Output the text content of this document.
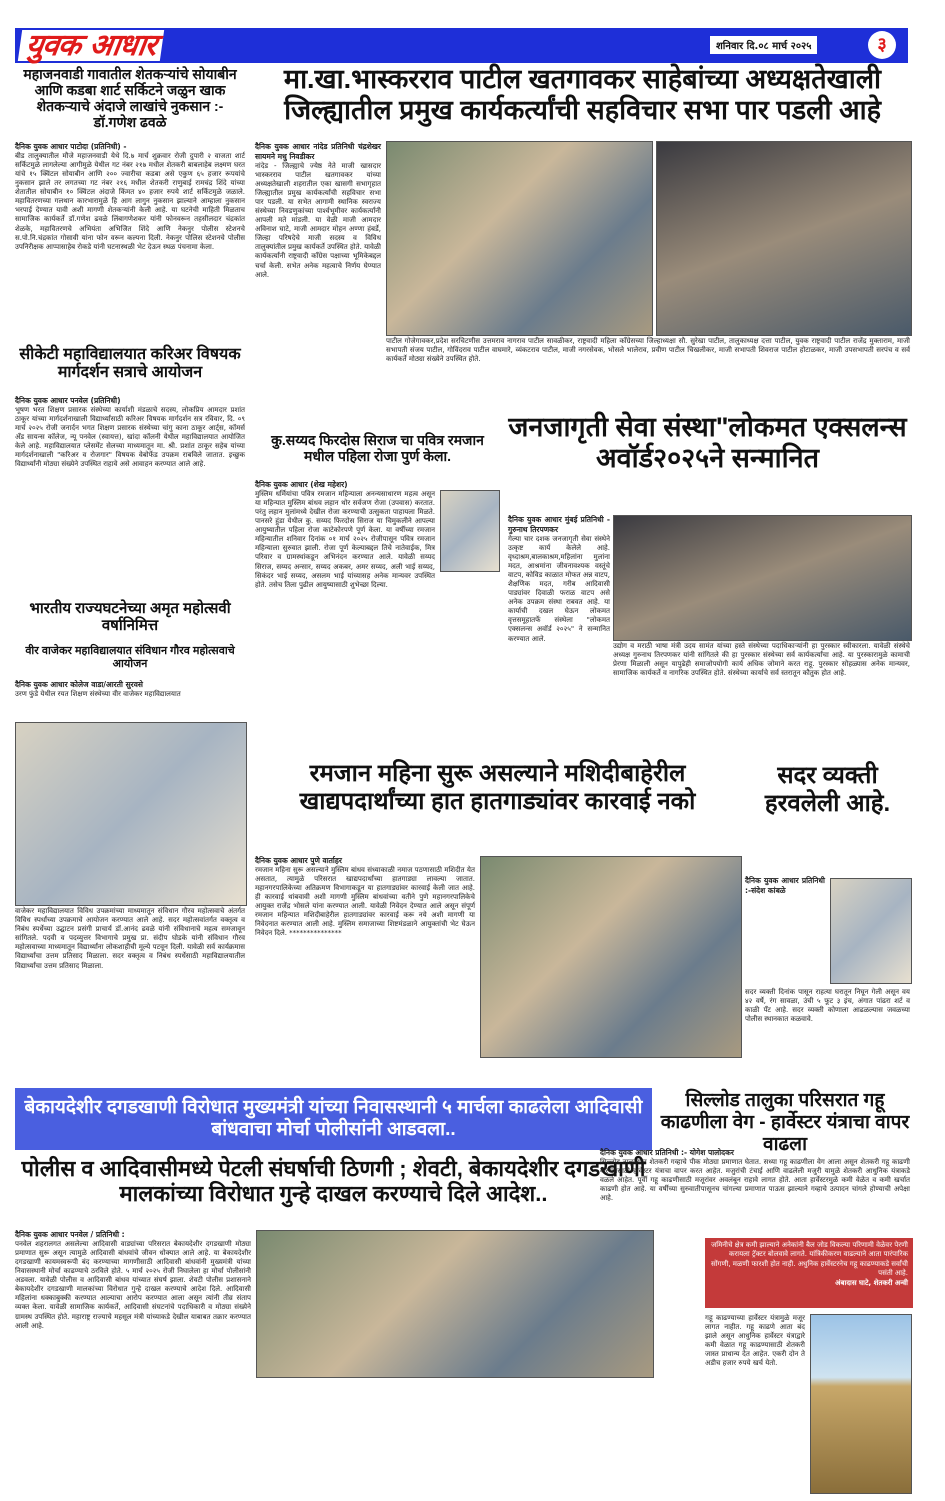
युवक आधार	शनिवार दि.०८ मार्च २०२५	३
महाजनवाडी गावातील शेतकऱ्यांचे सोयाबीन आणि कडबा शार्ट सर्किटने जळुन खाक शेतकऱ्याचे अंदाजे लाखांचे नुकसान :- डॉ.गणेश ढवळे
दैनिक युवक आधार पाटोदा (प्रतिनिधी) -
बीड तालुक्यातील मौजे महाजनवाडी येथे दि.७ मार्च शुक्रवार रोजी दुपारी २ वाजता शार्ट सर्किटमुळे लागलेल्या आगीमुळे येथील गट नंबर २१७ मधील शेतकरी बाबलाहेब लक्ष्मण घरत यांचे १५ क्विंटल सोयाबीन आणि २०० ज्वारीचा कडबा असे एकुण ६५ हजार रूपयांचे नुकसान झाले तर लगतच्या गट नंबर २१६ मधील शेतकरी राणुबाई रामचंद्र शिंदे यांच्या शेतातील सोयाबीन १० क्विंटल अंदाजे किंमत ४० हजार रुपये शार्ट सर्किटमुळे जळाले. महावितरणच्या गलथान कारभारामुळे हि आग लागुन नुकसान झाल्याने आम्हाला नुकसान भरपाई देण्यात यावी अशी मागणी शेतकऱ्यांनी केली आहे. या घटनेची माहिती मिळताच सामाजिक कार्यकर्ते डॉ.गणेश ढवळे लिंबागणेशकर यांनी फोनवरून तहसीलदार चंद्रकांत शेळके, महावितरणचे अभियंता अभिजित शिंदे आणि नेकनुर पोलीस स्टेशनचे स.पो.नि.चंद्रकांत गोसावी यांना फोन वरून कल्पना दिली. नेकनुर पोलिस स्टेशनचे पोलीस उपनिरीक्षक आप्पासाहेब रोकडे यांनी घटनास्थळी भेट देऊन स्थळ पंचनामा केला.
सीकेटी महाविद्यालयात करिअर विषयक मार्गदर्शन सत्राचे आयोजन
दैनिक युवक आधार पनवेल (प्रतिनिधी)
भूषण भरत शिक्षण प्रसारक संस्थेच्या कार्याशी मंडळाचे सदस्य, लोकप्रिय आमदार प्रशांत ठाकूर यांच्या मार्गदर्शनाखाली विद्यार्थ्यांसाठी करिअर विषयक मार्गदर्शन सत्र रविवार, दि. ०९ मार्च २०२५ रोजी जनार्दन भगत शिक्षण प्रसारक संस्थेच्या चांगु काना ठाकूर आर्ट्स, कॉमर्स अँड सायन्स कॉलेज, न्यू पनवेल (स्वायत्त), खांदा कॉलनी येथील महाविद्यालयात आयोजित केले आहे. महाविद्यालयात प्लेसमेंट सेलच्या माध्यमातून मा. श्री. प्रशांत ठाकूर सहेब यांच्या मार्गदर्शनाखाली "करिअर व रोजगार" विषयक वेबोर्फेड उपक्रम राबविले जातात. इच्छुक विद्यार्थ्यांनी मोठ्या संख्येने उपस्थित राहावे असे आवाहन करण्यात आले आहे.
भारतीय राज्यघटनेच्या अमृत महोत्सवी वर्षानिमित्त
वीर वाजेकर महाविद्यालयात संविधान गौरव महोत्सवाचे आयोजन
दैनिक युवक आधार कोलेज वाडा/आरती सुरवसे
उरण फुंडे येथील रयत शिक्षण संस्थेच्या वीर वाजेकर महाविद्यालयात
वाजेकर महाविद्यालयात विविध उपक्रमांच्या माध्यमातून संविधान गौरव महोत्सवाचे अंतर्गत विविध स्पर्धांच्या उपक्रमाचे आयोजन करण्यात आले आहे. सदर महोत्सवांतर्गत वक्तृत्व व निबंध स्पर्धेच्या उद्घाटन प्रसंगी प्राचार्य डॉ.आनंद ढवळे यांनी संविधानाचे महत्व समजावून सांगितले. पदवी व पदव्युत्तर विभागाचे प्रमुख प्रा. संदीप घोडके यांनी संविधान गौरव महोत्सवाच्या माध्यमातून विद्यार्थ्यांना लोकशाहीची मूल्ये पटवून दिली. यावेळी सर्व कार्यक्रमास विद्यार्थ्यांचा उत्तम प्रतिसाद मिळाला. सदर वक्तृत्व व निबंध स्पर्धेसाठी महाविद्यालयातील विद्यार्थ्यांचा उत्तम प्रतिसाद मिळाला.
मा.खा.भास्करराव पाटील खतगावकर साहेबांच्या अध्यक्षतेखाली जिल्ह्यातील प्रमुख कार्यकर्त्यांची सहविचार सभा पार पडली आहे
दैनिक युवक आधार नांदेड प्रतिनिधी चंद्रशेखर सायमने मधु निवडीकर
नांदेड - जिल्ह्याचे ज्येष्ठ नेते माजी खासदार भास्करराव पाटील खतगावकर यांच्या अध्यक्षतेखाली शहरातील एका खासगी सभागृहात जिल्ह्यातील प्रमुख कार्यकर्त्यांची सहविचार सभा पार पडली. या सभेत आगामी स्थानिक स्वराज्य संस्थेच्या निवडणुकांच्या पार्श्वभूमीवर कार्यकर्त्यांनी आपली मते मांडली. या वेळी माजी आमदार अविनाश घाटे, माजी आमदार मोहन अण्णा हंबर्डे, जिल्हा परिषदेचे माजी सदस्य व विविध तालुक्यांतील प्रमुख कार्यकर्ते उपस्थित होते. यावेळी कार्यकर्त्यांनी राष्ट्रवादी काँग्रेस पक्षाच्या भूमिकेबद्दल चर्चा केली. सभेत अनेक महत्वाचे निर्णय घेण्यात आले.
पाटील गोजेगावकर,प्रदेश सरचिटणीस उत्तमराव नागराव पाटील सावळीकर, राष्ट्रवादी महिला काँग्रेसच्या जिल्हाध्यक्षा सौ. सुरेखा पाटील, तालुकाध्यक्ष दत्ता पाटील, युवक राष्ट्रवादी पाटील राजेंद्र मुक्ताराम, माजी सभापती संजय पाटील, गोविंदराव पाटील वाघमारे, व्यंकटराव पाटील, माजी नगरसेवक, भोसले भालेराव, प्रवीण पाटील चिखलीकर, माजी सभापती शिवराज पाटील होटाळकर, माजी उपसभापती सरपंच व सर्व कार्यकर्ते मोठ्या संख्येने उपस्थित होते.
कु.सय्यद फिरदोस सिराज चा पवित्र रमजान मधील पहिला रोजा पुर्ण केला.
दैनिक युवक आधार (शेख महेशर)
मुस्लिम धर्मियांचा पवित्र रमजान महिन्याला अनन्यसाधारण महत्व असून या महिन्यात मुस्लिम बांधव लहान थोर सर्वजण रोजा (उपवास) करतात. परंतु लहान मुलांमध्ये देखील रोजा करण्याची उत्सुकता पाहायला मिळते. पानसरे हुंडा येथील कु. सय्यद फिरदोस सिराज या चिमुकलीने आपल्या आयुष्यातील पहिला रोजा काटेकोरपणे पूर्ण केला. या वर्षीच्या रमजान महिन्यातील शनिवार दिनांक ०१ मार्च २०२५ रोजीपासून पवित्र रमजान महिन्याला सुरुवात झाली. रोजा पूर्ण केल्याबद्दल तिचे नातेवाईक, मित्र परिवार व ग्रामस्थांकडून अभिनंदन करण्यात आले. यावेळी सय्यद सिराज, सय्यद अन्सार, सय्यद अकबर, अमर सय्यद, अली भाई सय्यद, सिकंदर भाई सय्यद, असलम भाई यांच्यासह अनेक मान्यवर उपस्थित होते. तसेच तिला पुढील आयुष्यासाठी शुभेच्छा दिल्या.
जनजागृती सेवा संस्था"लोकमत एक्सलन्स अवॉर्ड२०२५ने सन्मानित
दैनिक युवक आधार मुंबई प्रतिनिधी - गुरुनाथ तिरपणकर
गेल्या चार दशक जनजागृती सेवा संस्थेने उत्कृष्ट कार्य केलेले आहे. वृध्दाश्रम,बालकाश्रम,महिलांना मुलांना मदत, आश्रमांना जीवनावश्यक वस्तूंचे वाटप, कोविड काळात मोफत अन्न वाटप, शैक्षणिक मदत, गरीब आदिवासी पाड्यांवर दिवाळी फराळ वाटप असे अनेक उपक्रम संस्था राबवत आहे. या कार्याची दखल घेऊन लोकमत वृत्तसमूहातर्फे संस्थेला "लोकमत एक्सलन्स अवॉर्ड २०२५" ने सन्मानित करण्यात आले.
उद्योग व मराठी भाषा मंत्री उदय सामंत यांच्या हस्ते संस्थेच्या पदाधिकाऱ्यांनी हा पुरस्कार स्वीकारला. यावेळी संस्थेचे अध्यक्ष गुरुनाथ तिरपणकर यांनी सांगितले की हा पुरस्कार संस्थेच्या सर्व कार्यकर्त्यांचा आहे. या पुरस्कारामुळे कामाची प्रेरणा मिळाली असून यापुढेही समाजोपयोगी कार्य अधिक जोमाने करत राहू. पुरस्कार सोहळ्यास अनेक मान्यवर, सामाजिक कार्यकर्ते व नागरिक उपस्थित होते. संस्थेच्या कार्याचे सर्व स्तरातून कौतुक होत आहे.
रमजान महिना सुरू असल्याने मशिदीबाहेरील खाद्यपदार्थांच्या हात हातगाड्यांवर कारवाई नको
दैनिक युवक आधार पुणे वार्ताहर
रमजान महिना सुरू असल्याने मुस्लिम बांधव संध्याकाळी नमाज पठणासाठी मशिदीत येत असतात, त्यामुळे परिसरात खाद्यपदार्थांच्या हातगाड्या लावल्या जातात. महानगरपालिकेच्या अतिक्रमण विभागाकडून या हातगाड्यांवर कारवाई केली जात आहे. ही कारवाई थांबवावी अशी मागणी मुस्लिम बांधवांच्या वतीने पुणे महानगरपालिकेचे आयुक्त राजेंद्र भोसले यांना करण्यात आली. यावेळी निवेदन देण्यात आले असून संपूर्ण रमजान महिन्यात मशिदीबाहेरील हातगाड्यांवर कारवाई करू नये अशी मागणी या निवेदनात करण्यात आली आहे. मुस्लिम समाजाच्या शिष्टमंडळाने आयुक्तांची भेट घेऊन निवेदन दिले. ***************
सदर व्यक्ती हरवलेली आहे.
दैनिक युवक आधार प्रतिनिधी :-संदेश कांबळे
सदर व्यक्ती दिनांक पासून राहत्या घरातून निघून गेली असून वय ४२ वर्षे, रंग सावळा, उंची ५ फूट ३ इंच, अंगात पांढरा शर्ट व काळी पँट आहे. सदर व्यक्ती कोणाला आढळल्यास जवळच्या पोलीस स्थानकात कळवावे.
बेकायदेशीर दगडखाणी विरोधात मुख्यमंत्री यांच्या निवासस्थानी ५ मार्चला काढलेला आदिवासी बांधवाचा मोर्चा पोलीसांनी आडवला..
पोलीस व आदिवासीमध्ये पेटली संघर्षाची ठिणगी ; शेवटी, बेकायदेशीर दगडखाणी मालकांच्या विरोधात गुन्हे दाखल करण्याचे दिले आदेश..
दैनिक युवक आधार पनवेल / प्रतिनिधी :
पनवेल शहरालगत असलेल्या आदिवासी वाड्यांच्या परिसरात बेकायदेशीर दगडखाणी मोठ्या प्रमाणात सुरू असून त्यामुळे आदिवासी बांधवांचे जीवन धोक्यात आले आहे. या बेकायदेशीर दगडखाणी कायमस्वरूपी बंद करण्याच्या मागणीसाठी आदिवासी बांधवांनी मुख्यमंत्री यांच्या निवासस्थानी मोर्चा काढण्याचे ठरविले होते. ५ मार्च २०२५ रोजी निघालेला हा मोर्चा पोलीसांनी अडवला. यावेळी पोलीस व आदिवासी बांधव यांच्यात संघर्ष झाला. शेवटी पोलीस प्रशासनाने बेकायदेशीर दगडखाणी मालकांच्या विरोधात गुन्हे दाखल करण्याचे आदेश दिले. आदिवासी महिलांना धक्काबुक्की करण्यात आल्याचा आरोप करण्यात आला असून त्यांनी तीव्र संताप व्यक्त केला. यावेळी सामाजिक कार्यकर्ते, आदिवासी संघटनांचे पदाधिकारी व मोठ्या संख्येने ग्रामस्थ उपस्थित होते. महाराष्ट्र राज्याचे महसूल मंत्री यांच्याकडे देखील याबाबत तक्रार करण्यात आली आहे.
सिल्लोड तालुका परिसरात गहू काढणीला वेग - हार्वेस्टर यंत्राचा वापर वाढला
दैनिक युवक आधार प्रतिनिधी :- योगेश पालोदकर
सिल्लोड तालुक्यात शेतकरी गव्हाचे पीक मोठ्या प्रमाणात घेतात. सध्या गहू काढणीला वेग आला असून शेतकरी गहू काढणी करण्यासाठी हार्वेस्टर यंत्राचा वापर करत आहेत. मजुरांची टंचाई आणि वाढलेली मजुरी यामुळे शेतकरी आधुनिक यंत्राकडे वळले आहेत. पूर्वी गहू काढणीसाठी मजूरांवर अवलंबून राहावे लागत होते. आता हार्वेस्टरमुळे कमी वेळेत व कमी खर्चात काढणी होत आहे. या वर्षीच्या सुरुवातीपासूनच चांगल्या प्रमाणात पाऊस झाल्याने गव्हाचे उत्पादन चांगले होण्याची अपेक्षा आहे.
जमिनीचे क्षेत्र कमी झाल्याने अनेकांनी बैल जोड विकल्या परिणामी वेळेवर पेरणी करायला ट्रॅक्टर बोलवावे लागते. यांत्रिकीकरण वाढल्याने आता पारंपारिक सोंगणी, मळणी फारशी होत नाही. अधुनिक हार्वेस्टरनेच गहू काढण्याकडे सर्वांची पसंती आहे.
अंबादास घाटे, शेतकरी अन्वी
गहू काढण्याच्या हार्वेस्टर यंत्रामुळे मजूर लागत नाहीत. गहू काढणे आता बंद झाले असून आधुनिक हार्वेस्टर यंत्राद्वारे कमी वेळात गहू काढण्यासाठी शेतकरी जास्त प्राधान्य देत आहेत. एकरी दोन ते अडीच हजार रुपये खर्च येतो.
